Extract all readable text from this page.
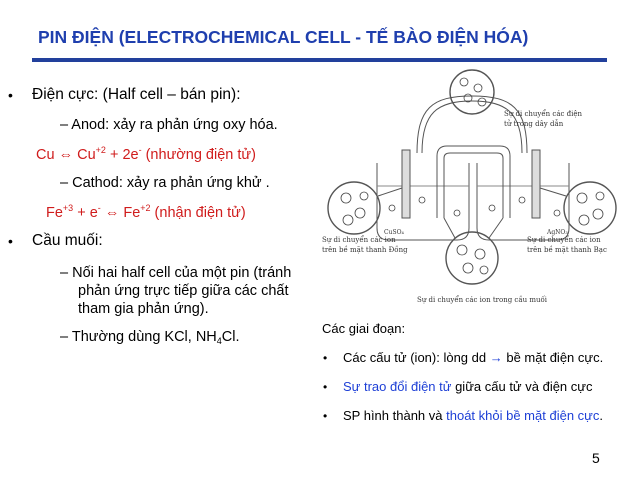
PIN ĐIỆN (ELECTROCHEMICAL CELL - TẾ BÀO ĐIỆN HÓA)
• Điện cực: (Half cell – bán pin):
– Anod: xảy ra phản ứng oxy hóa.
Cu ⇔ $Cu^{+2} + 2e^-$ (nhường điện tử)
– Cathod: xảy ra phản ứng khử .
$Fe^{+3} + e^-$ ⇔ $Fe^{+2}$ (nhận điện tử)
• Cầu muối:
– Nối hai half cell của một pin (tránh
phản ứng trực tiếp giữa các chất
tham gia phản ứng).
– Thường dùng KCl, $NH_4Cl$.
Sự di chuyển các điện
tử trong dây dẫn
Sự di chuyển các ion
trên bề mặt thanh Đồng
Sự di chuyển các ion
trên bề mặt thanh Bạc
Sự di chuyển các ion trong cầu muối
CuSO₄	AgNO₃
Các giai đoạn:
• Các cấu tử (ion): lòng dd → bề mặt điện cực.
• Sự trao đổi điện tử giữa cấu tử và điện cực
• SP hình thành và thoát khỏi bề mặt điện cực.
5
